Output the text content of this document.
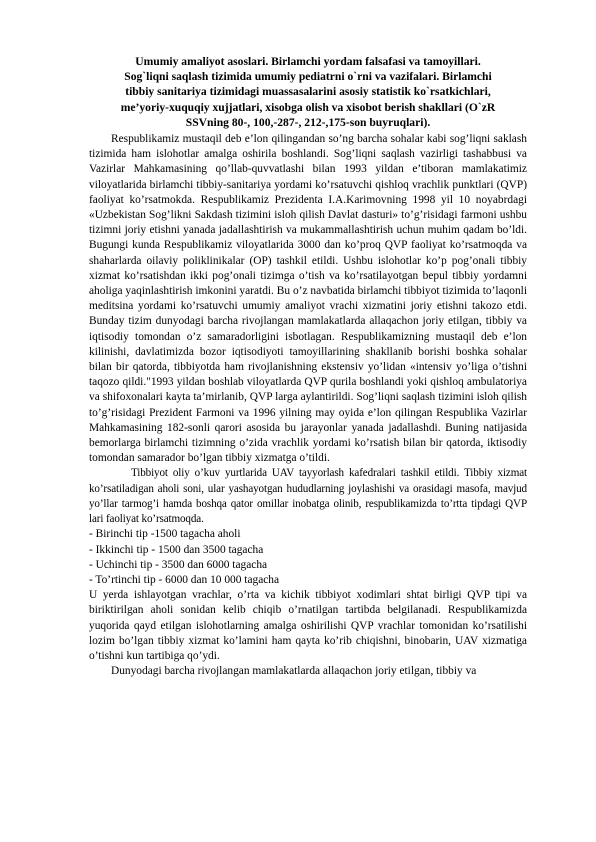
Umumiy amaliyot asoslari. Birlamchi yordam falsafasi va tamoyillari.
Sog`liqni saqlash tizimida umumiy pediatrni o`rni va vazifalari. Birlamchi
tibbiy sanitariya tizimidagi muassasalarini asosiy statistik ko`rsatkichlari,
me’yoriy-xuquqiy xujjatlari, xisobga olish va xisobot berish shakllari (O`zR
SSVning 80-, 100,-287-, 212-,175-son buyruqlari).

Respublikamiz mustaqil deb e’lon qilingandan so’ng barcha sohalar kabi sog’liqni saklash tizimida ham islohotlar amalga oshirila boshlandi. Sog’liqni saqlash vazirligi tashabbusi va Vazirlar Mahkamasining qo’llab-quvvatlashi bilan 1993 yildan e’tiboran mamlakatimiz viloyatlarida birlamchi tibbiy-sanitariya yordami ko’rsatuvchi qishloq vrachlik punktlari (QVP) faoliyat ko’rsatmokda. Respublikamiz Prezidenta I.A.Karimovning 1998 yil 10 noyabrdagi «Uzbekistan Sog’likni Sakdash tizimini isloh qilish Davlat dasturi» to’g’risidagi farmoni ushbu tizimni joriy etishni yanada jadallashtirish va mukammallashtirish uchun muhim qadam bo’ldi. Bugungi kunda Respublikamiz viloyatlarida 3000 dan ko’proq QVP faoliyat ko’rsatmoqda va shaharlarda oilaviy poliklinikalar (OP) tashkil etildi. Ushbu islohotlar ko’p pog’onali tibbiy xizmat ko’rsatishdan ikki pog’onali tizimga o’tish va ko’rsatilayotgan bepul tibbiy yordamni aholiga yaqinlashtirish imkonini yaratdi. Bu o’z navbatida birlamchi tibbiyot tizimida to’laqonli meditsina yordami ko’rsatuvchi umumiy amaliyot vrachi xizmatini joriy etishni takozo etdi. Bunday tizim dunyodagi barcha rivojlangan mamlakatlarda allaqachon joriy etilgan, tibbiy va iqtisodiy tomondan o’z samaradorligini isbotlagan. Respublikamizning mustaqil deb e’lon kilinishi, davlatimizda bozor iqtisodiyoti tamoyillarining shakllanib borishi boshka sohalar bilan bir qatorda, tibbiyotda ham rivojlanishning ekstensiv yo’lidan «intensiv yo’liga o’tishni taqozo qildi."1993 yildan boshlab viloyatlarda QVP qurila boshlandi yoki qishloq ambulatoriya va shifoxonalari kayta ta’mirlanib, QVP larga aylantirildi. Sog’liqni saqlash tizimini isloh qilish to’g’risidagi Prezident Farmoni va 1996 yilning may oyida e’lon qilingan Respublika Vazirlar Mahkamasining 182-sonli qarori asosida bu jarayonlar yanada jadallashdi. Buning natijasida bemorlarga birlamchi tizimning o’zida vrachlik yordami ko’rsatish bilan bir qatorda, iktisodiy tomondan samarador bo’lgan tibbiy xizmatga o’tildi.

Tibbiyot oliy o’kuv yurtlarida UAV tayyorlash kafedralari tashkil etildi. Tibbiy xizmat ko’rsatiladigan aholi soni, ular yashayotgan hududlarning joylashishi va orasidagi masofa, mavjud yo’llar tarmog’i hamda boshqa qator omillar inobatga olinib, respublikamizda to’rtta tipdagi QVP lari faoliyat ko’rsatmoqda.

- Birinchi tip -1500 tagacha aholi
- Ikkinchi tip - 1500 dan 3500 tagacha
- Uchinchi tip - 3500 dan 6000 tagacha
- To’rtinchi tip - 6000 dan 10 000 tagacha

U yerda ishlayotgan vrachlar, o’rta va kichik tibbiyot xodimlari shtat birligi QVP tipi va biriktirilgan aholi sonidan kelib chiqib o’rnatilgan tartibda belgilanadi. Respublikamizda yuqorida qayd etilgan islohotlarning amalga oshirilishi QVP vrachlar tomonidan ko’rsatilishi lozim bo’lgan tibbiy xizmat ko’lamini ham qayta ko’rib chiqishni, binobarin, UAV xizmatiga o’tishni kun tartibiga qo’ydi.

Dunyodagi barcha rivojlangan mamlakatlarda allaqachon joriy etilgan, tibbiy va
